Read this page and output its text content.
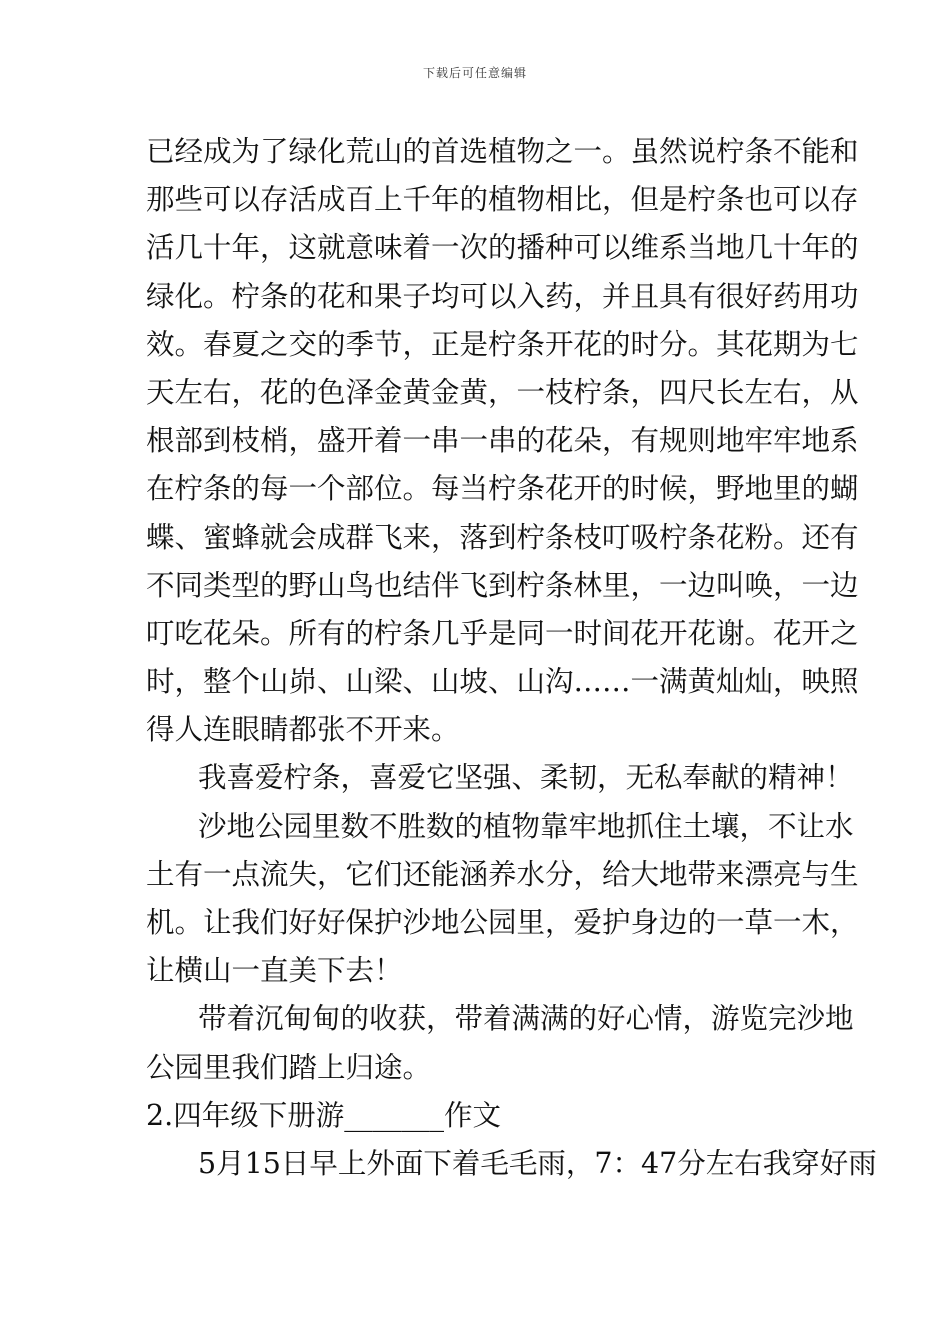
下载后可任意编辑
已经成为了绿化荒山的首选植物之一。虽然说柠条不能和
那些可以存活成百上千年的植物相比，但是柠条也可以存
活几十年，这就意味着一次的播种可以维系当地几十年的
绿化。柠条的花和果子均可以入药，并且具有很好药用功
效。春夏之交的季节，正是柠条开花的时分。其花期为七
天左右，花的色泽金黄金黄，一枝柠条，四尺长左右，从
根部到枝梢，盛开着一串一串的花朵，有规则地牢牢地系
在柠条的每一个部位。每当柠条花开的时候，野地里的蝴
蝶、蜜蜂就会成群飞来，落到柠条枝叮吸柠条花粉。还有
不同类型的野山鸟也结伴飞到柠条林里，一边叫唤，一边
叮吃花朵。所有的柠条几乎是同一时间花开花谢。花开之
时，整个山峁、山梁、山坡、山沟……一满黄灿灿，映照
得人连眼睛都张不开来。
我喜爱柠条，喜爱它坚强、柔韧，无私奉献的精神！
沙地公园里数不胜数的植物靠牢地抓住土壤，不让水
土有一点流失，它们还能涵养水分，给大地带来漂亮与生
机。让我们好好保护沙地公园里，爱护身边的一草一木，
让横山一直美下去！
带着沉甸甸的收获，带着满满的好心情，游览完沙地
公园里我们踏上归途。
2.四年级下册游_______作文
5月15日早上外面下着毛毛雨，7：47分左右我穿好雨
